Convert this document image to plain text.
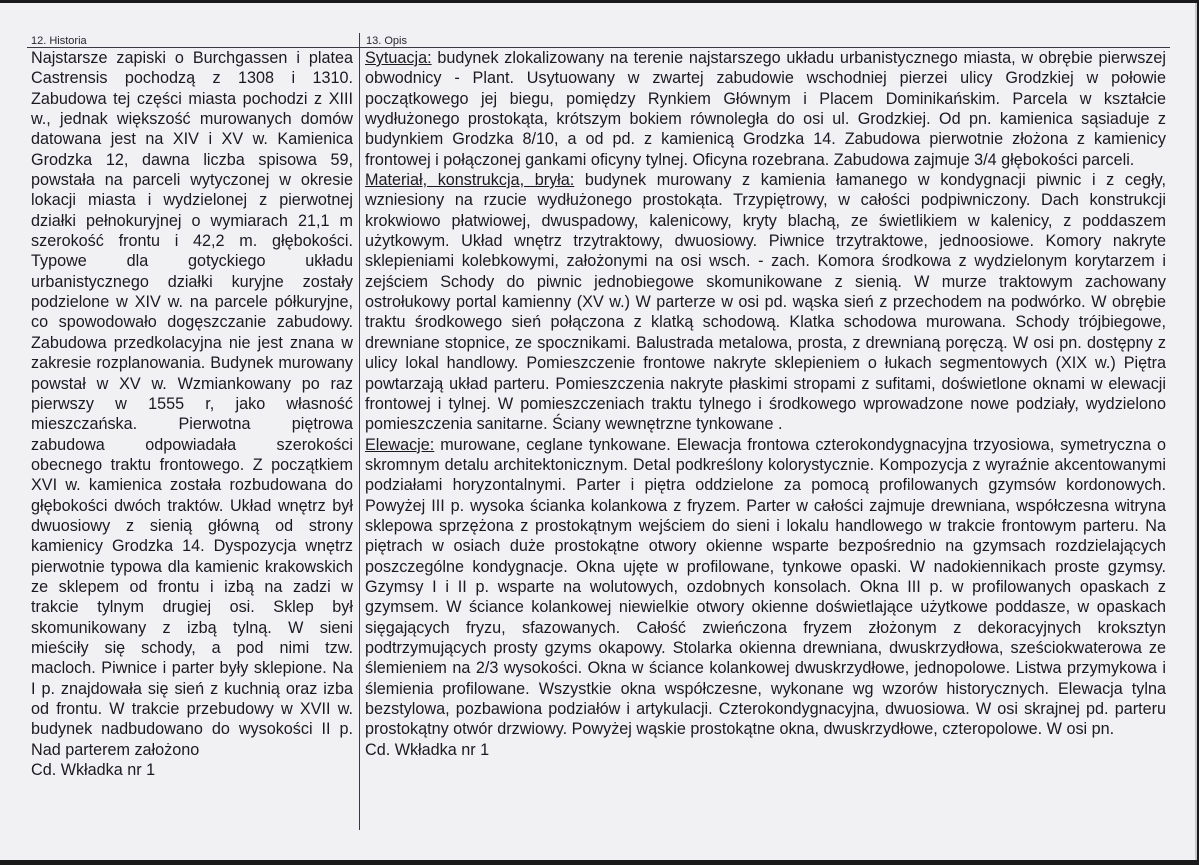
12. Historia	13. Opis

Najstarsze zapiski o Burchgassen i platea Castrensis pochodzą z 1308 i 1310. Zabudowa tej części miasta pochodzi z XIII w., jednak większość murowanych domów datowana jest na XIV i XV w. Kamienica Grodzka 12, dawna liczba spisowa 59, powstała na parceli wytyczonej w okresie lokacji miasta i wydzielonej z pierwotnej działki pełnokuryjnej o wymiarach 21,1 m szerokość frontu i 42,2 m. głębokości. Typowe dla gotyckiego układu urbanistycznego działki kuryjne zostały podzielone w XIV w. na parcele półkuryjne, co spowodowało dogęszczanie zabudowy. Zabudowa przedkolacyjna nie jest znana w zakresie rozplanowania. Budynek murowany powstał w XV w. Wzmiankowany po raz pierwszy w 1555 r, jako własność mieszczańska. Pierwotna piętrowa zabudowa odpowiadała szerokości obecnego traktu frontowego. Z początkiem XVI w. kamienica została rozbudowana do głębokości dwóch traktów. Układ wnętrz był dwuosiowy z sienią główną od strony kamienicy Grodzka 14. Dyspozycja wnętrz pierwotnie typowa dla kamienic krakowskich ze sklepem od frontu i izbą na zadzi w trakcie tylnym drugiej osi. Sklep był skomunikowany z izbą tylną. W sieni mieściły się schody, a pod nimi tzw. macloch. Piwnice i parter były sklepione. Na I p. znajdowała się sień z kuchnią oraz izba od frontu. W trakcie przebudowy w XVII w. budynek nadbudowano do wysokości II p. Nad parterem założono

Cd. Wkładka nr 1

Sytuacja: budynek zlokalizowany na terenie najstarszego układu urbanistycznego miasta, w obrębie pierwszej obwodnicy - Plant. Usytuowany w zwartej zabudowie wschodniej pierzei ulicy Grodzkiej w połowie początkowego jej biegu, pomiędzy Rynkiem Głównym i Placem Dominikańskim. Parcela w kształcie wydłużonego prostokąta, krótszym bokiem równoległa do osi ul. Grodzkiej. Od pn. kamienica sąsiaduje z budynkiem Grodzka 8/10, a od pd. z kamienicą Grodzka 14. Zabudowa pierwotnie złożona z kamienicy frontowej i połączonej gankami oficyny tylnej. Oficyna rozebrana. Zabudowa zajmuje 3/4 głębokości parceli.

Materiał, konstrukcja, bryła: budynek murowany z kamienia łamanego w kondygnacji piwnic i z cegły, wzniesiony na rzucie wydłużonego prostokąta. Trzypiętrowy, w całości podpiwniczony. Dach konstrukcji krokwiowo płatwiowej, dwuspadowy, kalenicowy, kryty blachą, ze świetlikiem w kalenicy, z poddaszem użytkowym. Układ wnętrz trzytraktowy, dwuosiowy. Piwnice trzytraktowe, jednoosiowe. Komory nakryte sklepieniami kolebkowymi, założonymi na osi wsch. - zach. Komora środkowa z wydzielonym korytarzem i zejściem Schody do piwnic jednobiegowe skomunikowane z sienią. W murze traktowym zachowany ostrołukowy portal kamienny (XV w.) W parterze w osi pd. wąska sień z przechodem na podwórko. W obrębie traktu środkowego sień połączona z klatką schodową. Klatka schodowa murowana. Schody trójbiegowe, drewniane stopnice, ze spocznikami. Balustrada metalowa, prosta, z drewnianą poręczą. W osi pn. dostępny z ulicy lokal handlowy. Pomieszczenie frontowe nakryte sklepieniem o łukach segmentowych (XIX w.) Piętra powtarzają układ parteru. Pomieszczenia nakryte płaskimi stropami z sufitami, doświetlone oknami w elewacji frontowej i tylnej. W pomieszczeniach traktu tylnego i środkowego wprowadzone nowe podziały, wydzielono pomieszczenia sanitarne. Ściany wewnętrzne tynkowane .

Elewacje: murowane, ceglane tynkowane. Elewacja frontowa czterokondygnacyjna trzyosiowa, symetryczna o skromnym detalu architektonicznym. Detal podkreślony kolorystycznie. Kompozycja z wyraźnie akcentowanymi podziałami horyzontalnymi. Parter i piętra oddzielone za pomocą profilowanych gzymsów kordonowych. Powyżej III p. wysoka ścianka kolankowa z fryzem. Parter w całości zajmuje drewniana, współczesna witryna sklepowa sprzężona z prostokątnym wejściem do sieni i lokalu handlowego w trakcie frontowym parteru. Na piętrach w osiach duże prostokątne otwory okienne wsparte bezpośrednio na gzymsach rozdzielających poszczególne kondygnacje. Okna ujęte w profilowane, tynkowe opaski. W nadokiennikach proste gzymsy. Gzymsy I i II p. wsparte na wolutowych, ozdobnych konsolach. Okna III p. w profilowanych opaskach z gzymsem. W ściance kolankowej niewielkie otwory okienne doświetlające użytkowe poddasze, w opaskach sięgających fryzu, sfazowanych. Całość zwieńczona fryzem złożonym z dekoracyjnych kroksztyn podtrzymujących prosty gzyms okapowy. Stolarka okienna drewniana, dwuskrzydłowa, sześciokwaterowa ze ślemieniem na 2/3 wysokości. Okna w ściance kolankowej dwuskrzydłowe, jednopolowe. Listwa przymykowa i ślemienia profilowane. Wszystkie okna współczesne, wykonane wg wzorów historycznych. Elewacja tylna bezstylowa, pozbawiona podziałów i artykulacji. Czterokondygnacyjna, dwuosiowa. W osi skrajnej pd. parteru prostokątny otwór drzwiowy. Powyżej wąskie prostokątne okna, dwuskrzydłowe, czteropolowe. W osi pn.

Cd. Wkładka nr 1
